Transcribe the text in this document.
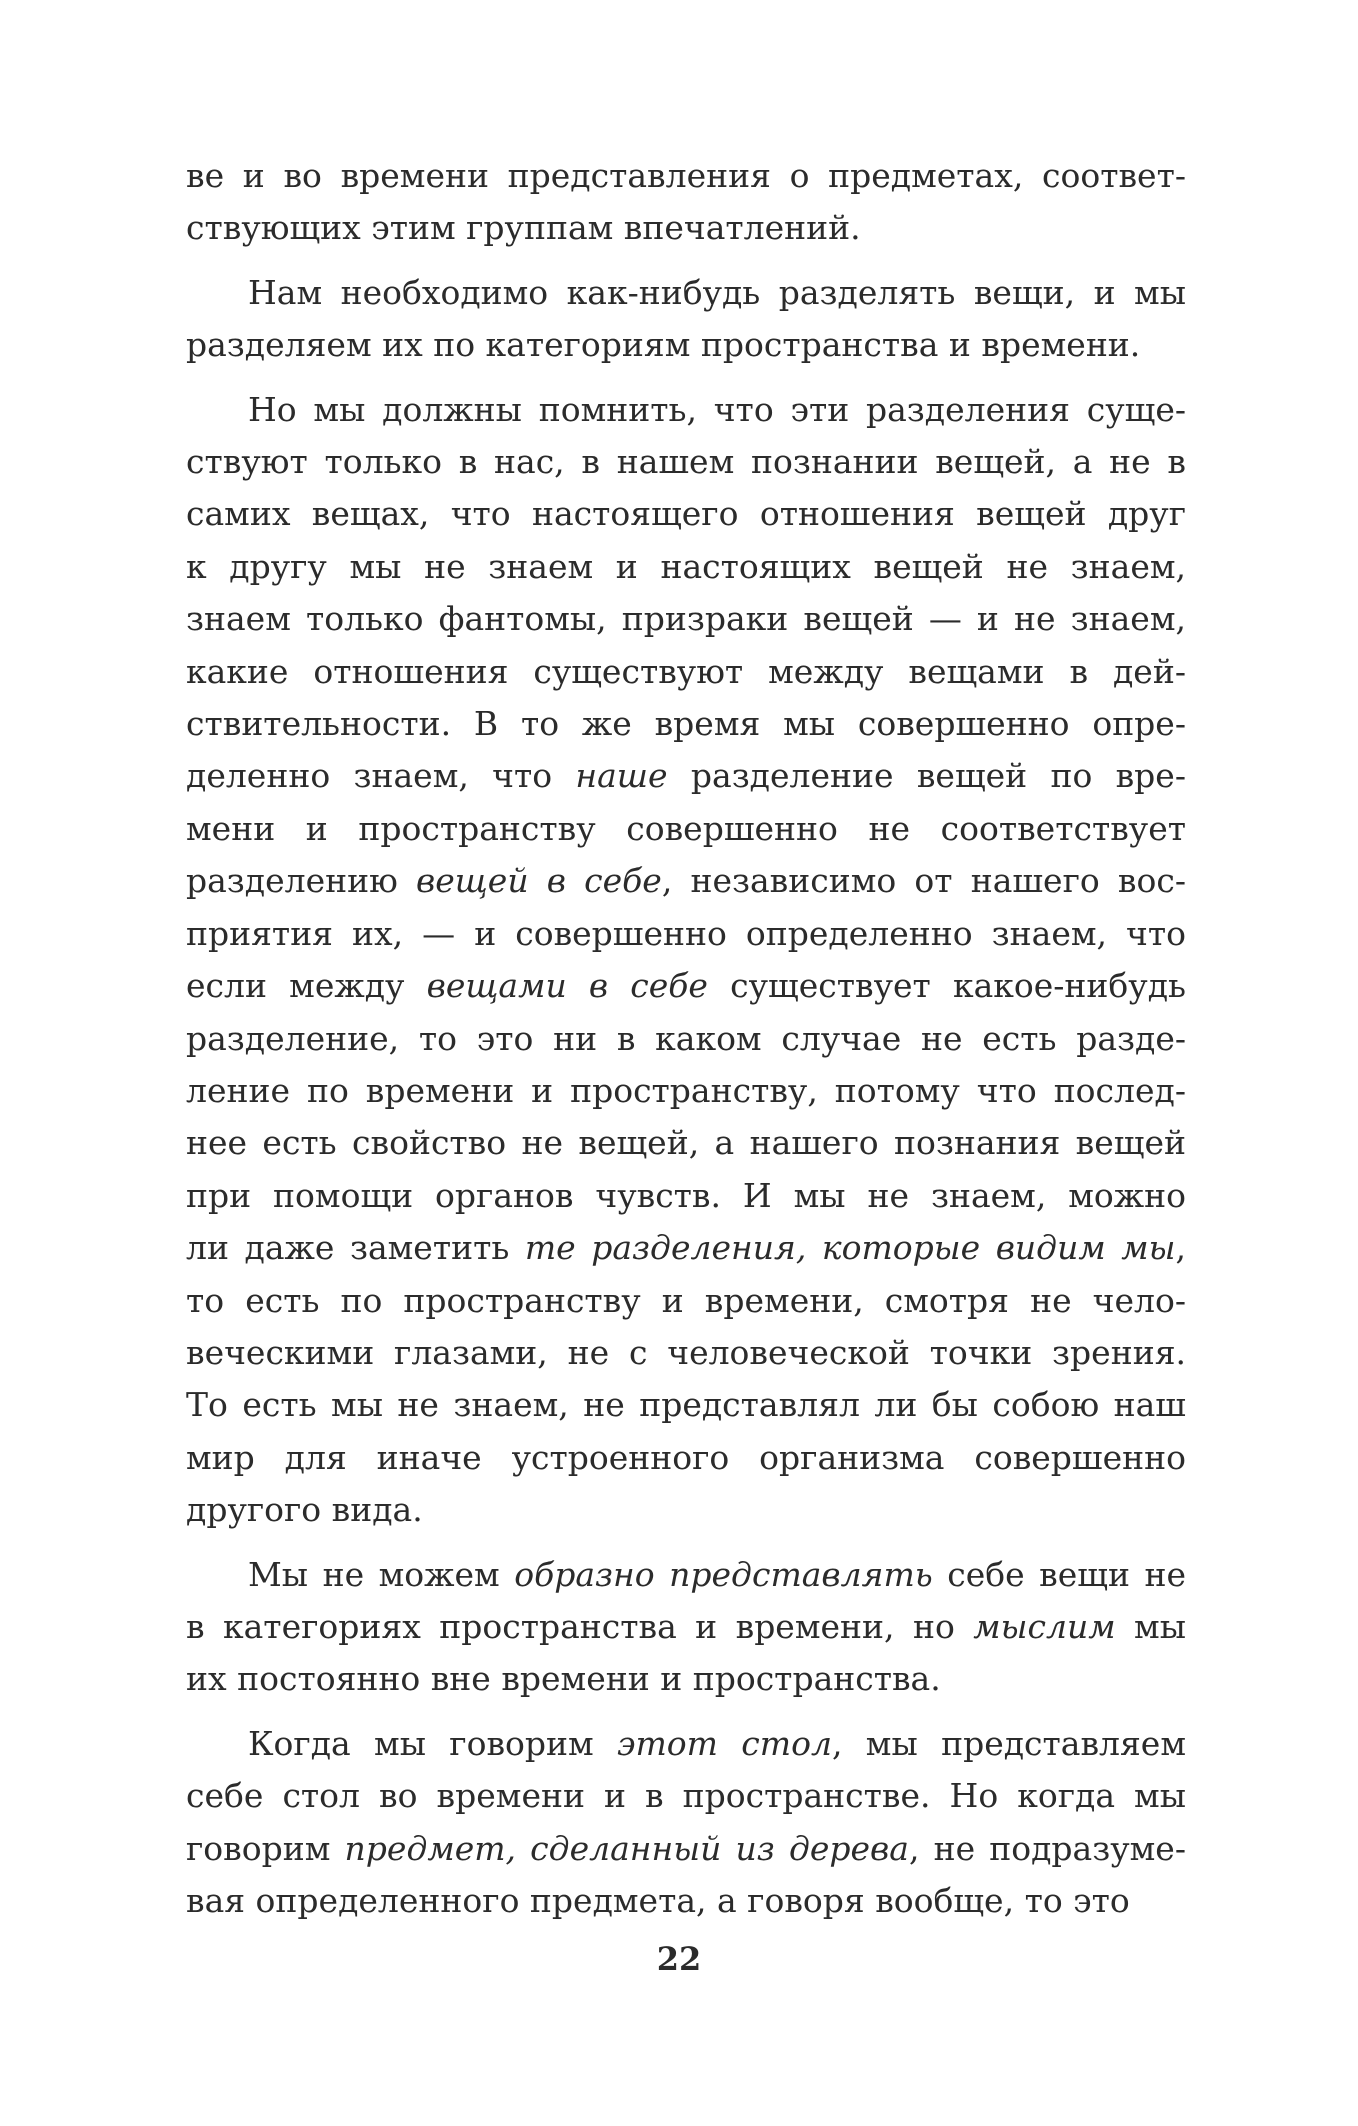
ве и во времени представления о предметах, соответ-
ствующих этим группам впечатлений.
Нам необходимо как-нибудь разделять вещи, и мы
разделяем их по категориям пространства и времени.
Но мы должны помнить, что эти разделения суще-
ствуют только в нас, в нашем познании вещей, а не в
самих вещах, что настоящего отношения вещей друг
к другу мы не знаем и настоящих вещей не знаем,
знаем только фантомы, призраки вещей — и не знаем,
какие отношения существуют между вещами в дей-
ствительности. В то же время мы совершенно опре-
деленно знаем, что наше разделение вещей по вре-
мени и пространству совершенно не соответствует
разделению вещей в себе, независимо от нашего вос-
приятия их, — и совершенно определенно знаем, что
если между вещами в себе существует какое-нибудь
разделение, то это ни в каком случае не есть разде-
ление по времени и пространству, потому что послед-
нее есть свойство не вещей, а нашего познания вещей
при помощи органов чувств. И мы не знаем, можно
ли даже заметить те разделения, которые видим мы,
то есть по пространству и времени, смотря не чело-
веческими глазами, не с человеческой точки зрения.
То есть мы не знаем, не представлял ли бы собою наш
мир для иначе устроенного организма совершенно
другого вида.
Мы не можем образно представлять себе вещи не
в категориях пространства и времени, но мыслим мы
их постоянно вне времени и пространства.
Когда мы говорим этот стол, мы представляем
себе стол во времени и в пространстве. Но когда мы
говорим предмет, сделанный из дерева, не подразуме-
вая определенного предмета, а говоря вообще, то это
22
